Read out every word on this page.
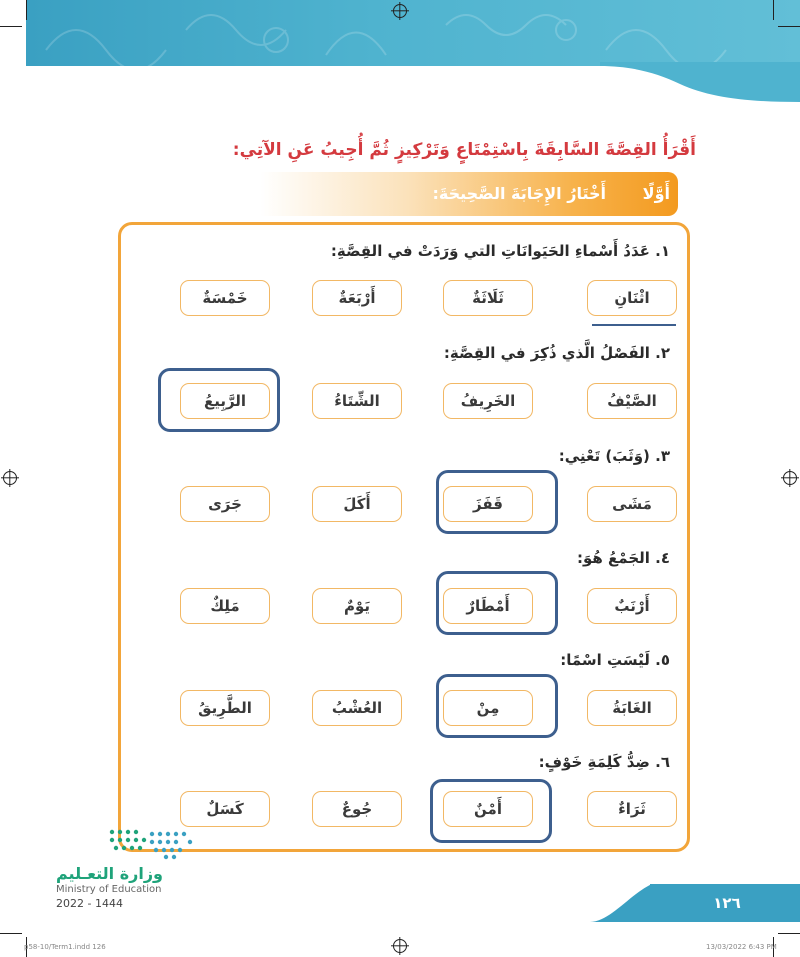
أَقْرَأُ القِصَّةَ السَّابِقَةَ بِاسْتِمْتَاعٍ وَتَرْكِيزٍ ثُمَّ أُجِيبُ عَنِ الآتِي:
أَوَّلًا
أَخْتَارُ الإِجَابَةَ الصَّحِيحَةَ:
١. عَدَدُ أَسْماءِ الحَيَوانَاتِ التي وَرَدَتْ في القِصَّةِ:
اثْنَانِ
ثَلَاثَةٌ
أَرْبَعَةٌ
خَمْسَةٌ
٢. الفَصْلُ الَّذي ذُكِرَ في القِصَّةِ:
الصَّيْفُ
الخَرِيفُ
الشِّتَاءُ
الرَّبِيعُ
٣. (وَثَبَ) تَعْنِي:
مَشَى
قَفَزَ
أَكَلَ
جَرَى
٤. الجَمْعُ هُوَ:
أَرْنَبٌ
أَمْطَارٌ
يَوْمٌ
مَلِكٌ
٥. لَيْسَتِ اسْمًا:
الغَابَةُ
مِنْ
العُشْبُ
الطَّرِيقُ
٦. ضِدُّ كَلِمَةِ خَوْفٍ:
ثَرَاءٌ
أَمْنٌ
جُوعٌ
كَسَلٌ
وزارة التعـليم
Ministry of Education
2022 - 1444	١٢٦
p58-10/Term1.indd 126	13/03/2022 6:43 PM
